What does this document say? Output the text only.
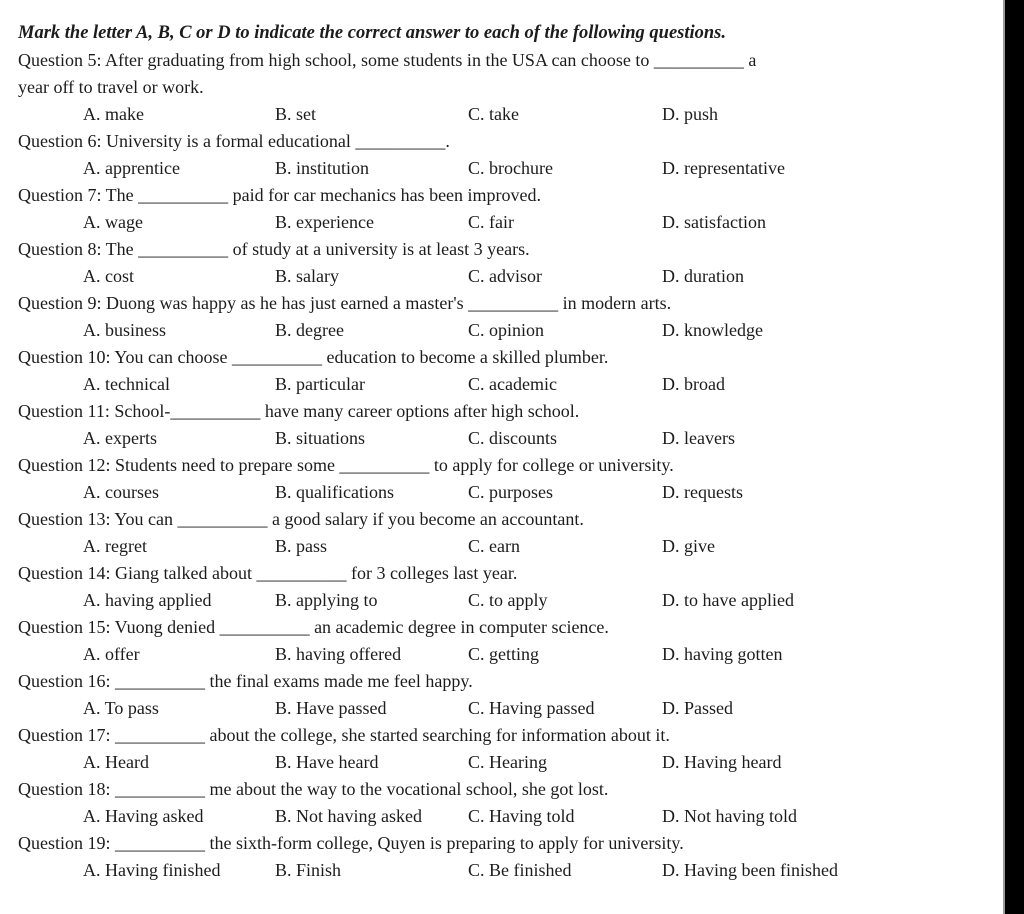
Mark the letter A, B, C or D to indicate the correct answer to each of the following questions.
Question 5: After graduating from high school, some students in the USA can choose to __________ a
year off to travel or work.
A. make	B. set	C. take	D. push
Question 6: University is a formal educational __________.
A. apprentice	B. institution	C. brochure	D. representative
Question 7: The __________ paid for car mechanics has been improved.
A. wage	B. experience	C. fair	D. satisfaction
Question 8: The __________ of study at a university is at least 3 years.
A. cost	B. salary	C. advisor	D. duration
Question 9: Duong was happy as he has just earned a master's __________ in modern arts.
A. business	B. degree	C. opinion	D. knowledge
Question 10: You can choose __________ education to become a skilled plumber.
A. technical	B. particular	C. academic	D. broad
Question 11: School-__________ have many career options after high school.
A. experts	B. situations	C. discounts	D. leavers
Question 12: Students need to prepare some __________ to apply for college or university.
A. courses	B. qualifications	C. purposes	D. requests
Question 13: You can __________ a good salary if you become an accountant.
A. regret	B. pass	C. earn	D. give
Question 14: Giang talked about __________ for 3 colleges last year.
A. having applied	B. applying to	C. to apply	D. to have applied
Question 15: Vuong denied __________ an academic degree in computer science.
A. offer	B. having offered	C. getting	D. having gotten
Question 16: __________ the final exams made me feel happy.
A. To pass	B. Have passed	C. Having passed	D. Passed
Question 17: __________ about the college, she started searching for information about it.
A. Heard	B. Have heard	C. Hearing	D. Having heard
Question 18: __________ me about the way to the vocational school, she got lost.
A. Having asked	B. Not having asked	C. Having told	D. Not having told
Question 19: __________ the sixth-form college, Quyen is preparing to apply for university.
A. Having finished	B. Finish	C. Be finished	D. Having been finished
